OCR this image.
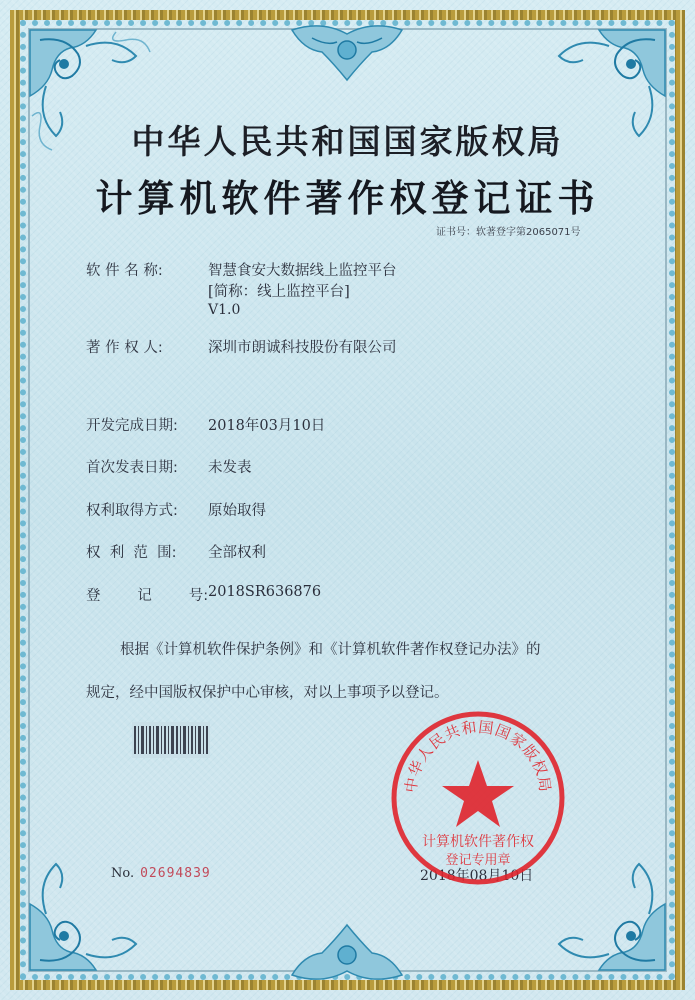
中华人民共和国国家版权局
计算机软件著作权登记证书
证书号：软著登字第2065071号
软 件 名 称:	智慧食安大数据线上监控平台
[简称：线上监控平台]
V1.0
著 作 权 人:	深圳市朗诚科技股份有限公司
开发完成日期: 2018年03月10日
首次发表日期: 未发表
权利取得方式: 原始取得
权  利  范  围: 全部权利
登        记        号: 2018SR636876
根据《计算机软件保护条例》和《计算机软件著作权登记办法》的
规定，经中国版权保护中心审核，对以上事项予以登记。
No. 02694839	2018年08月10日
中华人民共和国国家版权局
计算机软件著作权
登记专用章
